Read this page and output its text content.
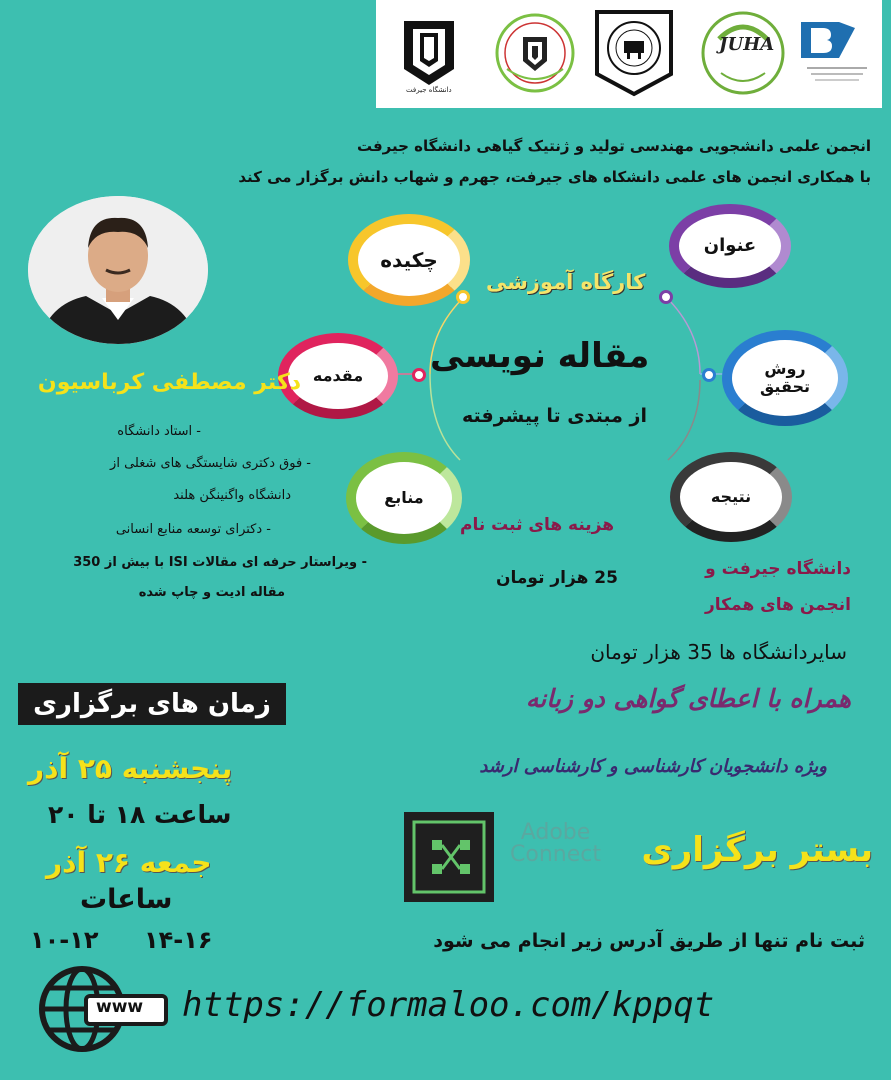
دانشگاه جیرفت
JUHA
انجمن علمی دانشجویی مهندسی تولید و ژنتیک گیاهی دانشگاه جیرفت
با همکاری انجمن های علمی دانشکاه های جیرفت، جهرم و شهاب دانش برگزار می کند
چکیده
عنوان
مقدمه	روش تحقیق
منابع	نتیجه
کارگاه آموزشی
مقاله نویسی
از مبتدی تا پیشرفته
دکتر مصطفی کرباسیون
- استاد دانشگاه
- فوق دکتری شایستگی های شغلی از
دانشگاه واگنینگن هلند
- دکترای توسعه منابع انسانی
- ویراستار حرفه ای مقالات ISI با بیش از 350
مقاله ادیت و چاپ شده
هزینه های ثبت نام
دانشگاه جیرفت و
انجمن های همکار
25 هزار تومان
سایردانشگاه ها 35 هزار تومان
زمان های برگزاری	همراه با اعطای گواهی دو زبانه
ویژه دانشجویان کارشناسی و کارشناسی ارشد
پنجشنبه ۲۵ آذر
ساعت ۱۸ تا ۲۰
جمعه ۲۶ آذر
ساعات
۱۴-۱۶
۱۰-۱۲
Adobe
Connect بستر برگزاری
ثبت نام تنها از طریق آدرس زیر انجام می شود
www https://formaloo.com/kppqt
